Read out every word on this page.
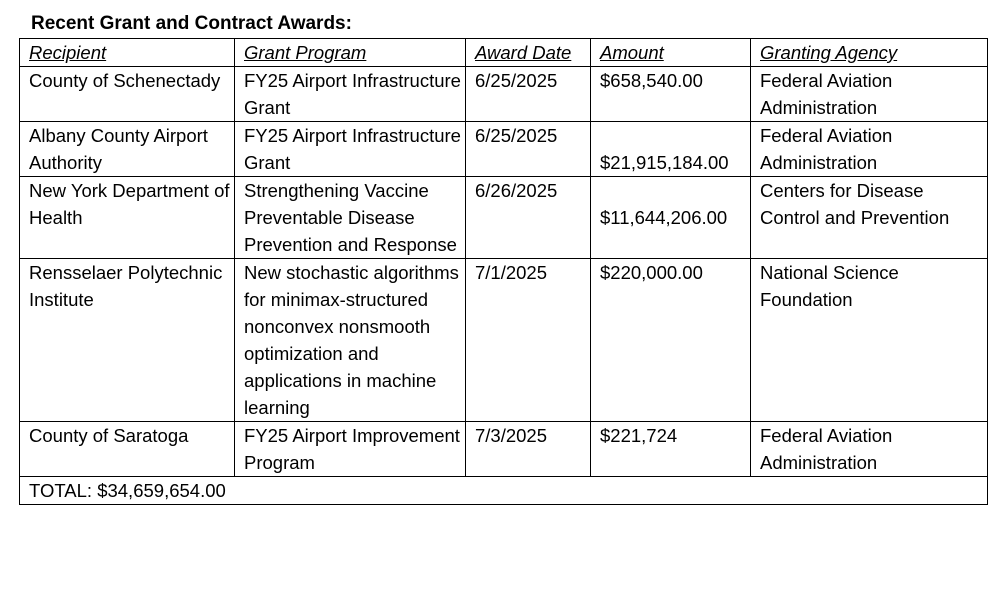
Recent Grant and Contract Awards:
Recipient	Grant Program	Award Date	Amount	Granting Agency
County of Schenectady	FY25 Airport Infrastructure Grant	6/25/2025	$658,540.00	Federal Aviation Administration
Albany County Airport Authority	FY25 Airport Infrastructure Grant	6/25/2025	$21,915,184.00	Federal Aviation Administration
New York Department of Health	Strengthening Vaccine Preventable Disease Prevention and Response	6/26/2025	$11,644,206.00	Centers for Disease Control and Prevention
Rensselaer Polytechnic Institute	New stochastic algorithms for minimax-structured nonconvex nonsmooth optimization and applications in machine learning	7/1/2025	$220,000.00	National Science Foundation
County of Saratoga	FY25 Airport Improvement Program	7/3/2025	$221,724	Federal Aviation Administration
TOTAL: $34,659,654.00				
